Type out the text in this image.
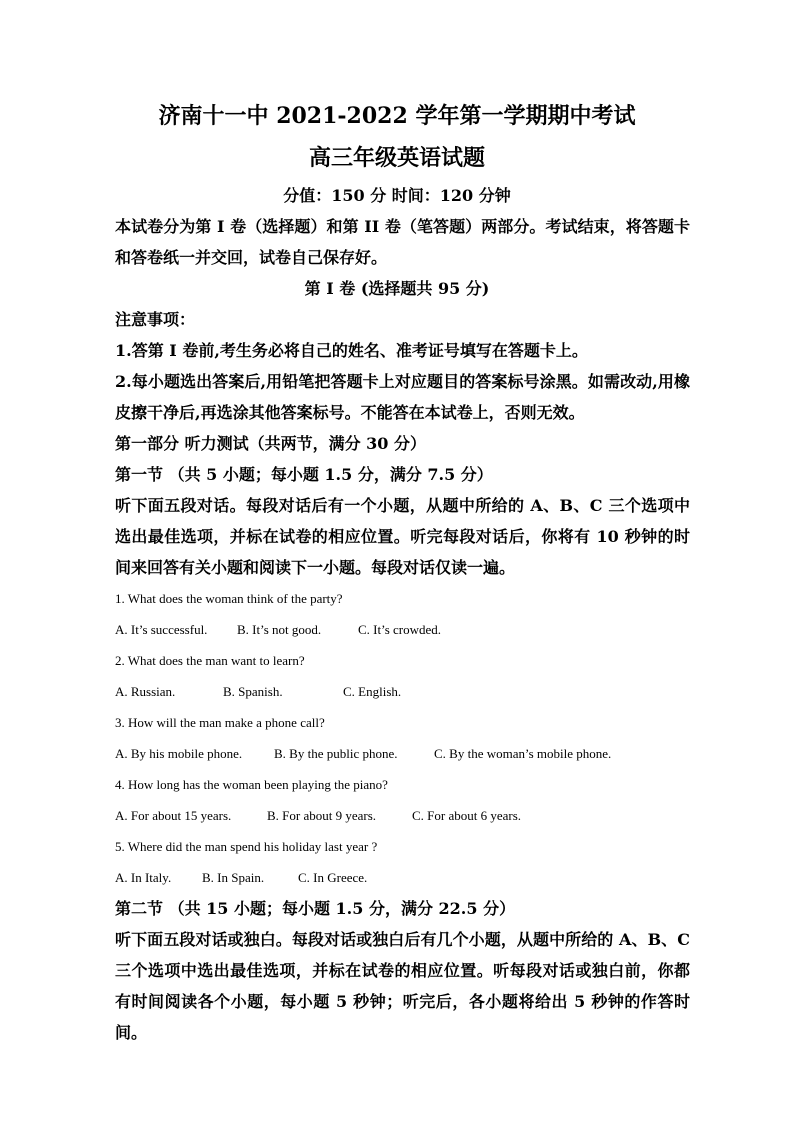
济南十一中 2021-2022 学年第一学期期中考试
高三年级英语试题
分值：150 分 时间：120 分钟
本试卷分为第 I 卷（选择题）和第 II 卷（笔答题）两部分。考试结束，将答题卡和答卷纸一并交回，试卷自己保存好。
第 I 卷 (选择题共 95 分)
注意事项：
1.答第 I 卷前,考生务必将自己的姓名、准考证号填写在答题卡上。
2.每小题选出答案后,用铅笔把答题卡上对应题目的答案标号涂黑。如需改动,用橡皮擦干净后,再选涂其他答案标号。不能答在本试卷上，否则无效。
第一部分 听力测试（共两节，满分 30 分）
第一节 （共 5 小题；每小题 1.5 分，满分 7.5 分）
听下面五段对话。每段对话后有一个小题，从题中所给的 A、B、C 三个选项中选出最佳选项，并标在试卷的相应位置。听完每段对话后，你将有 10 秒钟的时间来回答有关小题和阅读下一小题。每段对话仅读一遍。
1. What does the woman think of the party?
A. It’s successful.	B. It’s not good.	C. It’s crowded.
2. What does the man want to learn?
A. Russian.	B. Spanish.	C. English.
3. How will the man make a phone call?
A. By his mobile phone.	B. By the public phone.	C. By the woman’s mobile phone.
4. How long has the woman been playing the piano?
A. For about 15 years.	B. For about 9 years.	C. For about 6 years.
5. Where did the man spend his holiday last year ?
A. In Italy.	B. In Spain.	C. In Greece.
第二节 （共 15 小题；每小题 1.5 分，满分 22.5 分）
听下面五段对话或独白。每段对话或独白后有几个小题，从题中所给的 A、B、C 三个选项中选出最佳选项，并标在试卷的相应位置。听每段对话或独白前，你都有时间阅读各个小题，每小题 5 秒钟；听完后，各小题将给出 5 秒钟的作答时间。
